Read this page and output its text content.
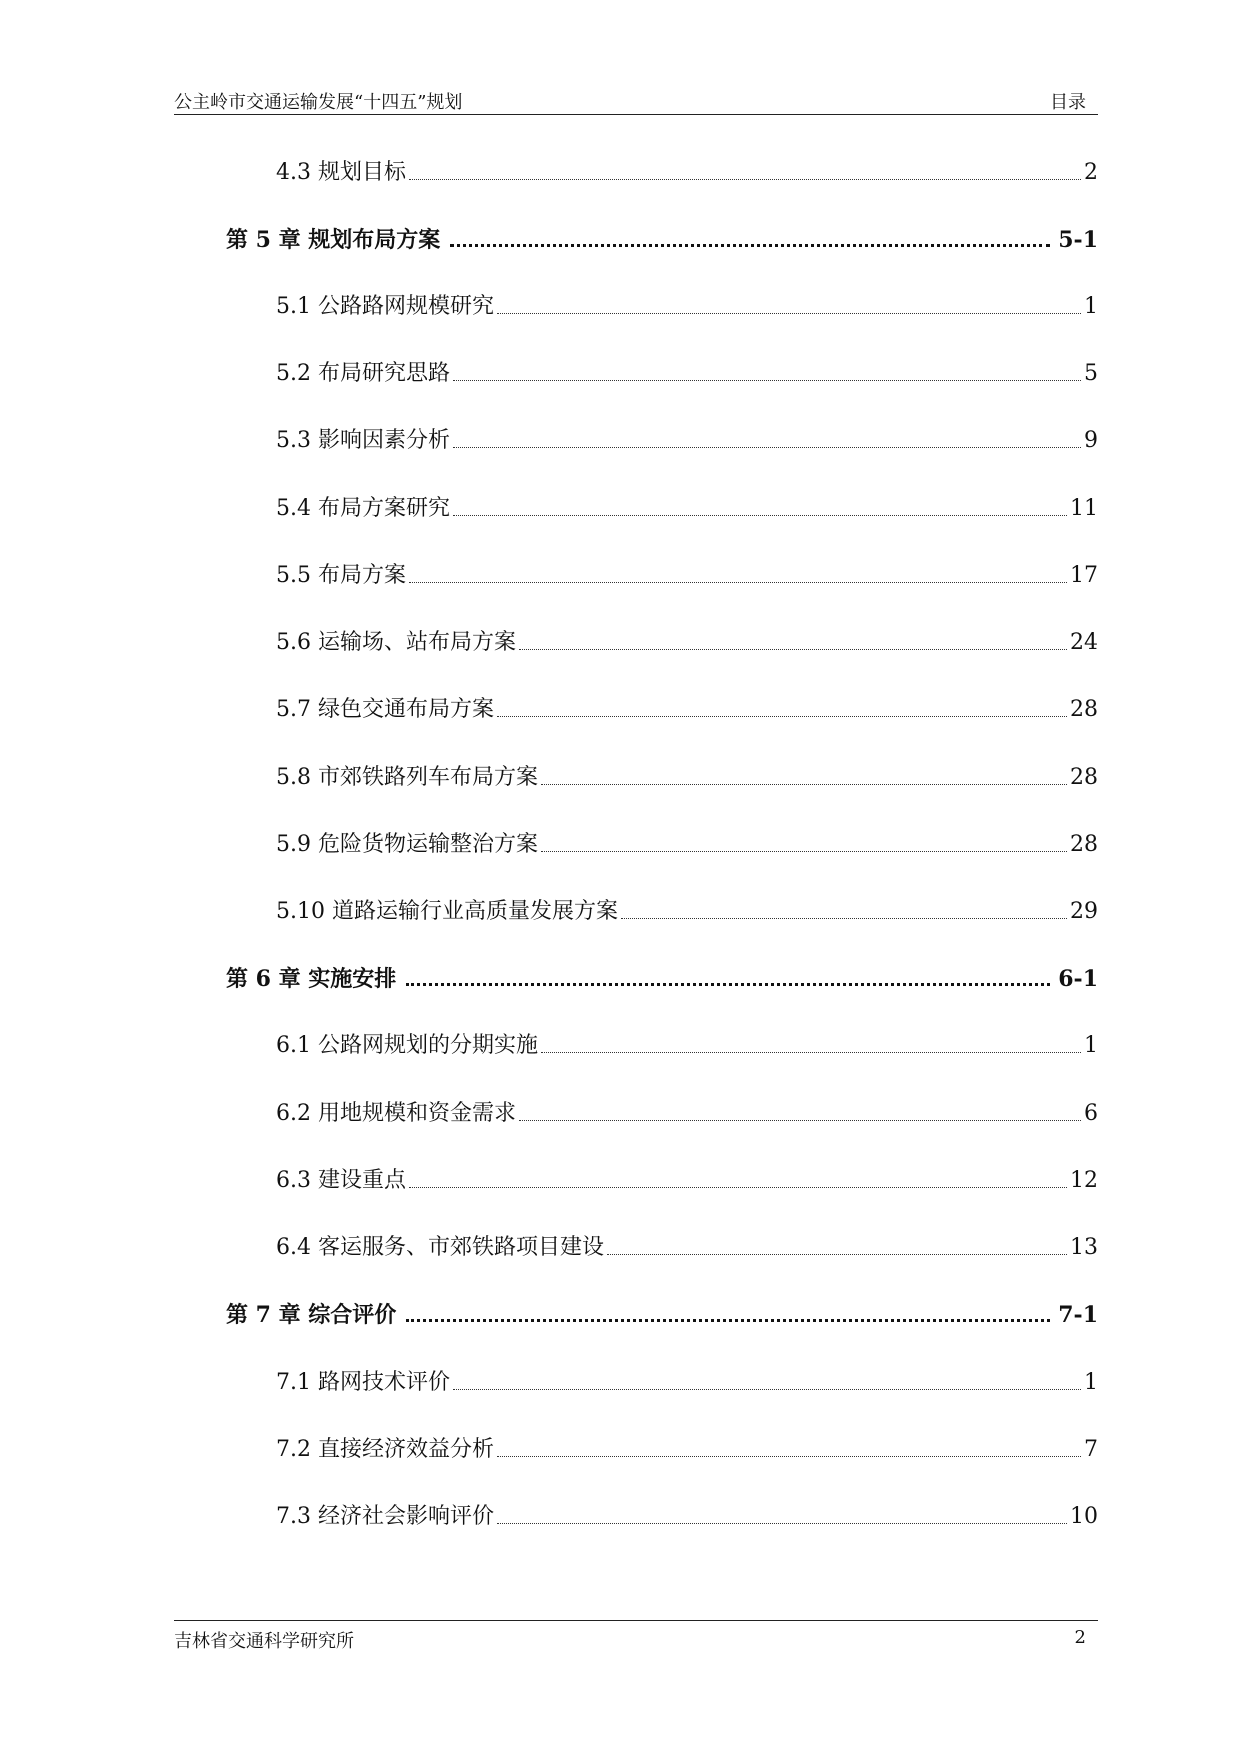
公主岭市交通运输发展“十四五”规划	目录
4.3 规划目标	2
第 5 章 规划布局方案	5-1
5.1 公路路网规模研究	1
5.2 布局研究思路	5
5.3 影响因素分析	9
5.4 布局方案研究	11
5.5 布局方案	17
5.6 运输场、站布局方案	24
5.7 绿色交通布局方案	28
5.8 市郊铁路列车布局方案	28
5.9 危险货物运输整治方案	28
5.10 道路运输行业高质量发展方案	29
第 6 章 实施安排	6-1
6.1 公路网规划的分期实施	1
6.2 用地规模和资金需求	6
6.3 建设重点	12
6.4 客运服务、市郊铁路项目建设	13
第 7 章 综合评价	7-1
7.1 路网技术评价	1
7.2 直接经济效益分析	7
7.3 经济社会影响评价	10
吉林省交通科学研究所	2
